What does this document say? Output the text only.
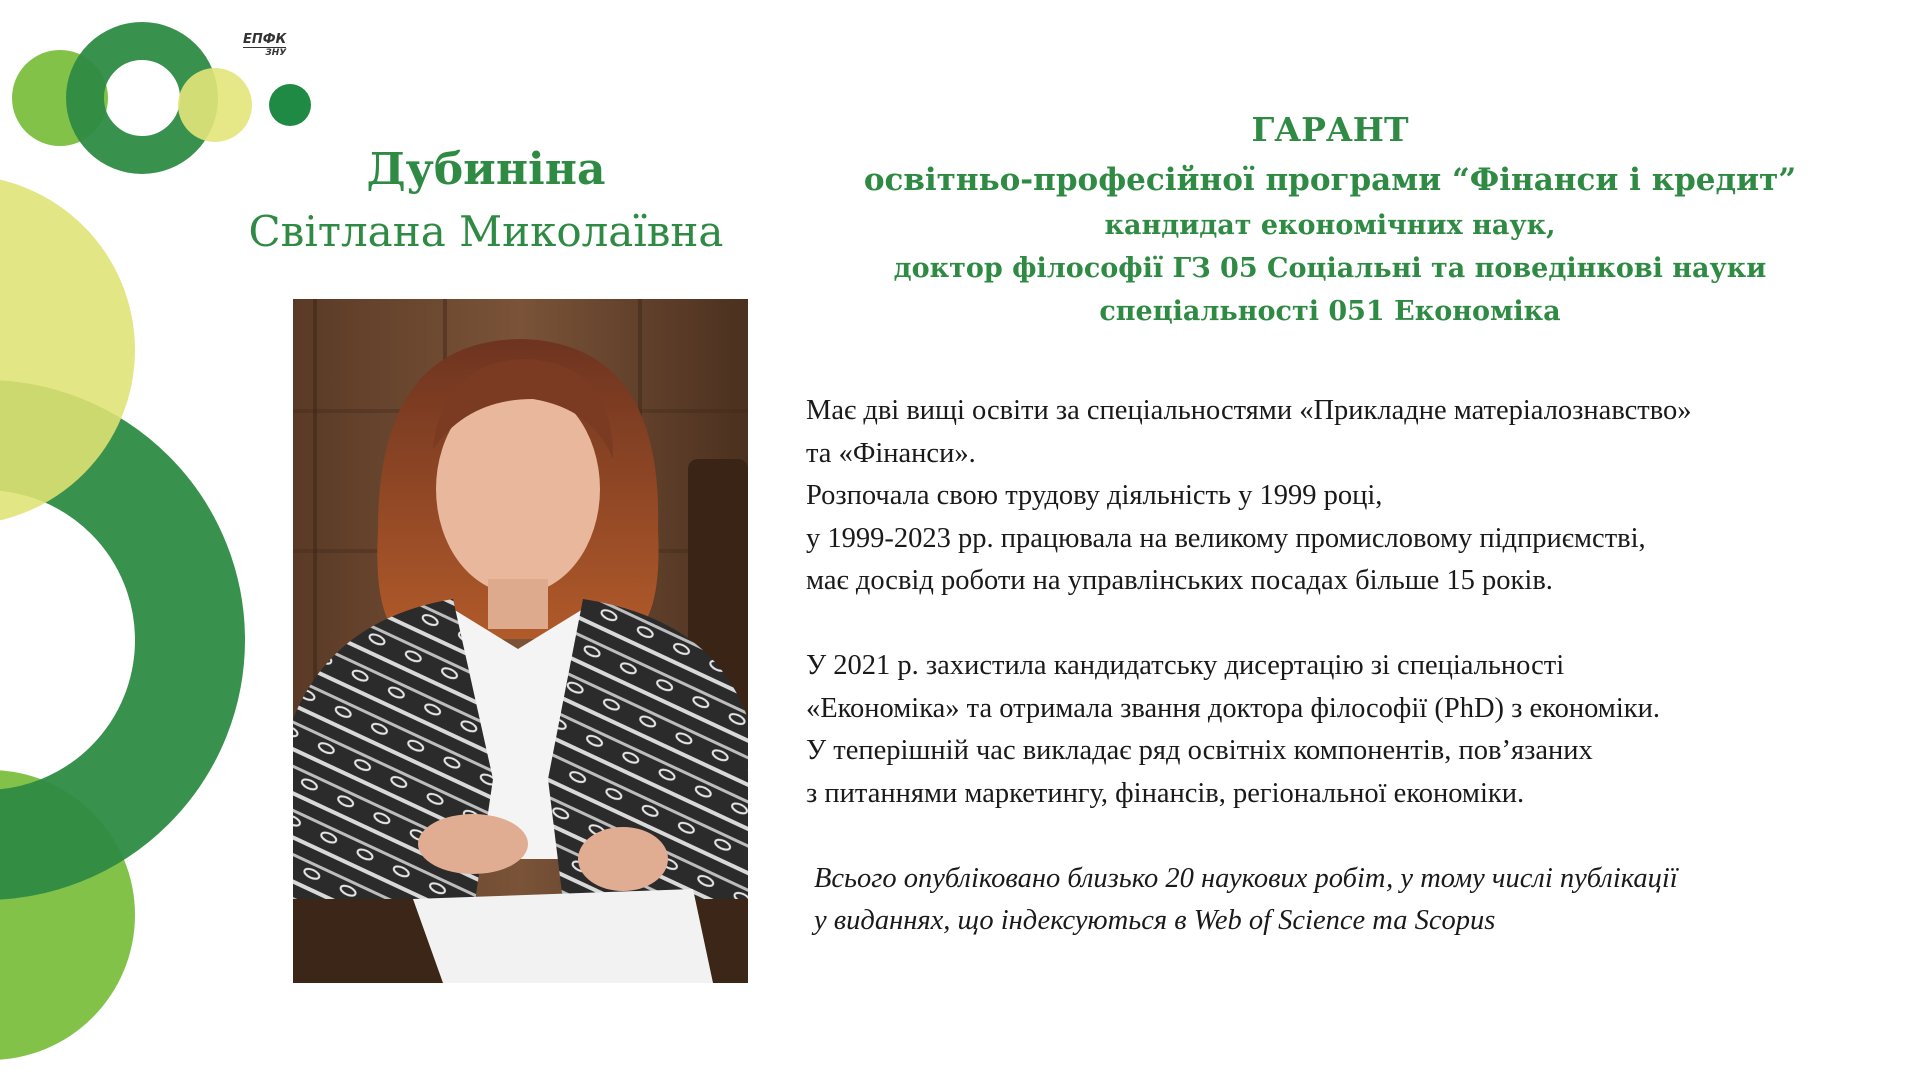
ЕПФК
ЗНУ
Дубиніна
Світлана Миколаївна
ГАРАНТ
освітньо-професійної програми “Фінанси і кредит”
кандидат економічних наук,
доктор філософії ГЗ 05 Соціальні та поведінкові науки
спеціальності 051 Економіка
Має дві вищі освіти за спеціальностями «Прикладне матеріалознавство»
та «Фінанси».
Розпочала свою трудову діяльність у 1999 році,
у 1999-2023 рр. працювала на великому промисловому підприємстві,
має досвід роботи на управлінських посадах більше 15 років.
У 2021 р. захистила кандидатську дисертацію зі спеціальності
«Економіка» та отримала звання доктора філософії (PhD) з економіки.
У теперішній час викладає ряд освітніх компонентів, пов’язаних
з питаннями маркетингу, фінансів, регіональної економіки.
Всього опубліковано близько 20 наукових робіт, у тому числі публікації
у виданнях, що індексуються в Web of Science та Scopus
